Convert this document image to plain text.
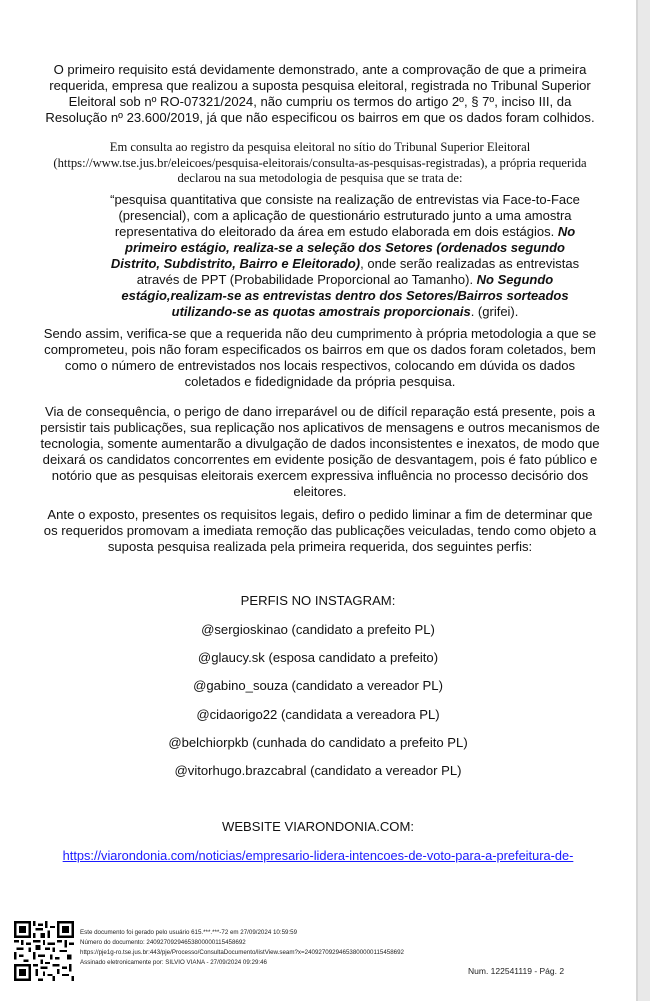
O primeiro requisito está devidamente demonstrado, ante a comprovação de que a primeira requerida, empresa que realizou a suposta pesquisa eleitoral, registrada no Tribunal Superior Eleitoral sob nº RO-07321/2024, não cumpriu os termos do artigo 2º, § 7º, inciso III, da Resolução nº 23.600/2019, já que não especificou os bairros em que os dados foram colhidos.

Em consulta ao registro da pesquisa eleitoral no sítio do Tribunal Superior Eleitoral (https://www.tse.jus.br/eleicoes/pesquisa-eleitorais/consulta-as-pesquisas-registradas), a própria requerida declarou na sua metodologia de pesquisa que se trata de:

“pesquisa quantitativa que consiste na realização de entrevistas via Face-to-Face (presencial), com a aplicação de questionário estruturado junto a uma amostra representativa do eleitorado da área em estudo elaborada em dois estágios. No primeiro estágio, realiza-se a seleção dos Setores (ordenados segundo Distrito, Subdistrito, Bairro e Eleitorado), onde serão realizadas as entrevistas através de PPT (Probabilidade Proporcional ao Tamanho). No Segundo estágio,realizam-se as entrevistas dentro dos Setores/Bairros sorteados utilizando-se as quotas amostrais proporcionais. (grifei).

Sendo assim, verifica-se que a requerida não deu cumprimento à própria metodologia a que se comprometeu, pois não foram especificados os bairros em que os dados foram coletados, bem como o número de entrevistados nos locais respectivos, colocando em dúvida os dados coletados e fidedignidade da própria pesquisa.

Via de consequência, o perigo de dano irreparável ou de difícil reparação está presente, pois a persistir tais publicações, sua replicação nos aplicativos de mensagens e outros mecanismos de tecnologia, somente aumentarão a divulgação de dados inconsistentes e inexatos, de modo que deixará os candidatos concorrentes em evidente posição de desvantagem, pois é fato público e notório que as pesquisas eleitorais exercem expressiva influência no processo decisório dos eleitores.

Ante o exposto, presentes os requisitos legais, defiro o pedido liminar a fim de determinar que os requeridos promovam a imediata remoção das publicações veiculadas, tendo como objeto a suposta pesquisa realizada pela primeira requerida, dos seguintes perfis:

PERFIS NO INSTAGRAM:

@sergioskinao (candidato a prefeito PL)

@glaucy.sk (esposa candidato a prefeito)

@gabino_souza (candidato a vereador PL)

@cidaorigo22 (candidata a vereadora PL)

@belchiorpkb (cunhada do candidato a prefeito PL)

@vitorhugo.brazcabral (candidato a vereador PL)

WEBSITE VIARONDONIA.COM:

https://viarondonia.com/noticias/empresario-lidera-intencoes-de-voto-para-a-prefeitura-de-

Este documento foi gerado pelo usuário 615.***.***-72 em 27/09/2024 10:59:59
Número do documento: 24092709294653800000115458692
https://pje1g-ro.tse.jus.br:443/pje/Processo/ConsultaDocumento/listView.seam?x=24092709294653800000115458692
Assinado eletronicamente por: SILVIO VIANA - 27/09/2024 09:29:46
Num. 122541119 - Pág. 2
